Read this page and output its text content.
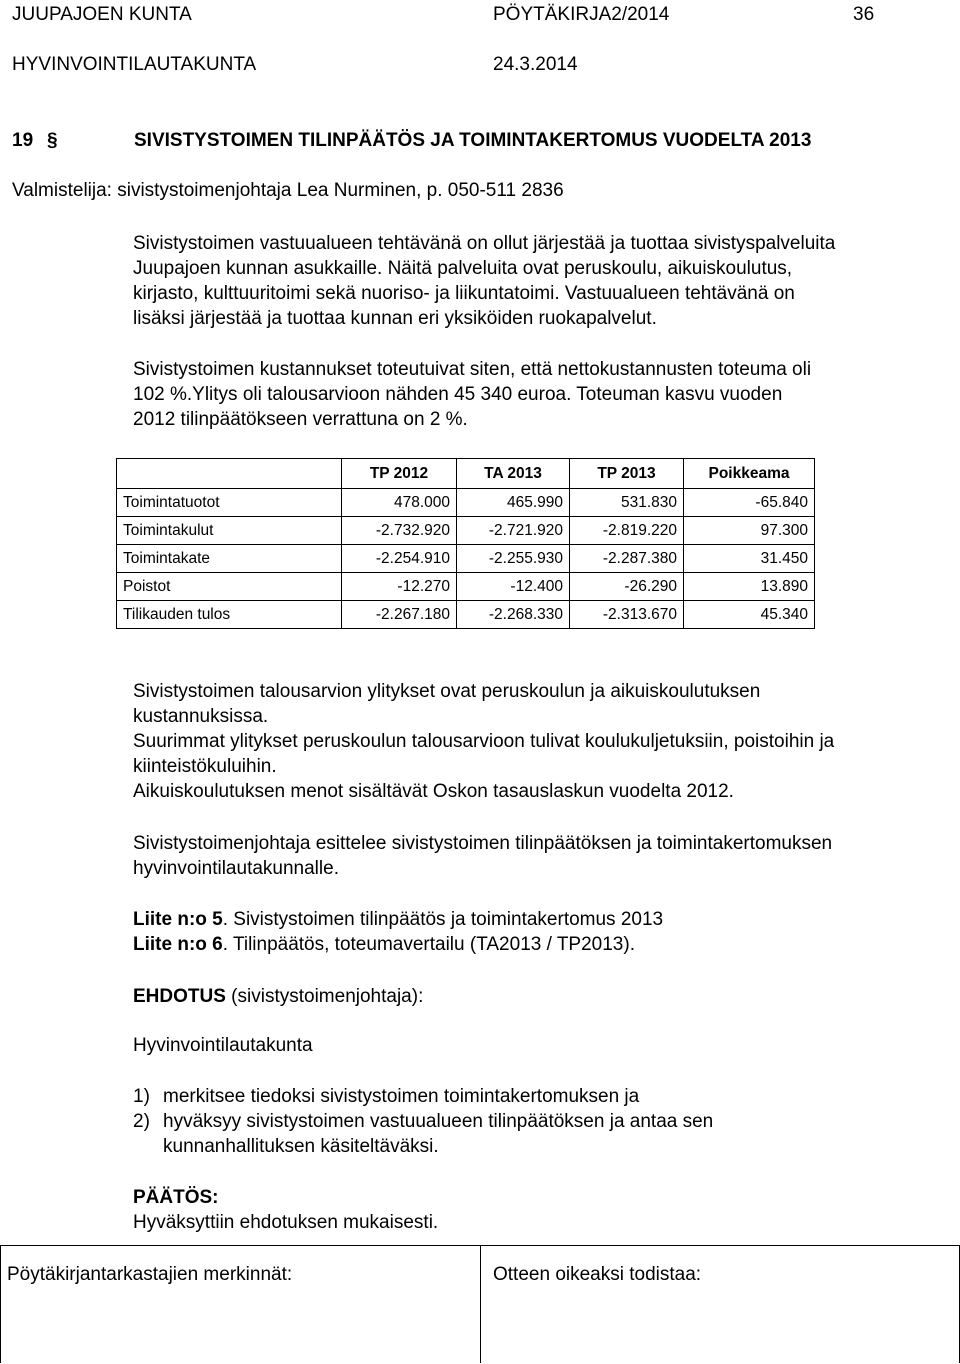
JUUPAJOEN KUNTA	PÖYTÄKIRJA2/2014	36
HYVINVOINTILAUTAKUNTA	24.3.2014
19 §	SIVISTYSTOIMEN TILINPÄÄTÖS JA TOIMINTAKERTOMUS VUODELTA 2013
Valmistelija: sivistystoimenjohtaja Lea Nurminen, p. 050-511 2836
Sivistystoimen vastuualueen tehtävänä on ollut järjestää ja tuottaa sivistyspalveluita
Juupajoen kunnan asukkaille. Näitä palveluita ovat peruskoulu, aikuiskoulutus,
kirjasto, kulttuuritoimi sekä nuoriso- ja liikuntatoimi. Vastuualueen tehtävänä on
lisäksi järjestää ja tuottaa kunnan eri yksiköiden ruokapalvelut.
Sivistystoimen kustannukset toteutuivat siten, että nettokustannusten toteuma oli
102 %.Ylitys oli talousarvioon nähden 45 340 euroa. Toteuman kasvu vuoden
2012 tilinpäätökseen verrattuna on 2 %.
	TP 2012	TA 2013	TP 2013	Poikkeama
Toimintatuotot	478.000	465.990	531.830	-65.840
Toimintakulut	-2.732.920	-2.721.920	-2.819.220	97.300
Toimintakate	-2.254.910	-2.255.930	-2.287.380	31.450
Poistot	-12.270	-12.400	-26.290	13.890
Tilikauden tulos	-2.267.180	-2.268.330	-2.313.670	45.340
Sivistystoimen talousarvion ylitykset ovat peruskoulun ja aikuiskoulutuksen
kustannuksissa.
Suurimmat ylitykset peruskoulun talousarvioon tulivat koulukuljetuksiin, poistoihin ja
kiinteistökuluihin.
Aikuiskoulutuksen menot sisältävät Oskon tasauslaskun vuodelta 2012.
Sivistystoimenjohtaja esittelee sivistystoimen tilinpäätöksen ja toimintakertomuksen
hyvinvointilautakunnalle.
Liite n:o 5. Sivistystoimen tilinpäätös ja toimintakertomus 2013
Liite n:o 6. Tilinpäätös, toteumavertailu (TA2013 / TP2013).
EHDOTUS (sivistystoimenjohtaja):
Hyvinvointilautakunta
1) merkitsee tiedoksi sivistystoimen toimintakertomuksen ja
2) hyväksyy sivistystoimen vastuualueen tilinpäätöksen ja antaa sen
kunnanhallituksen käsiteltäväksi.
PÄÄTÖS:
Hyväksyttiin ehdotuksen mukaisesti.
Pöytäkirjantarkastajien merkinnät:	Otteen oikeaksi todistaa:
